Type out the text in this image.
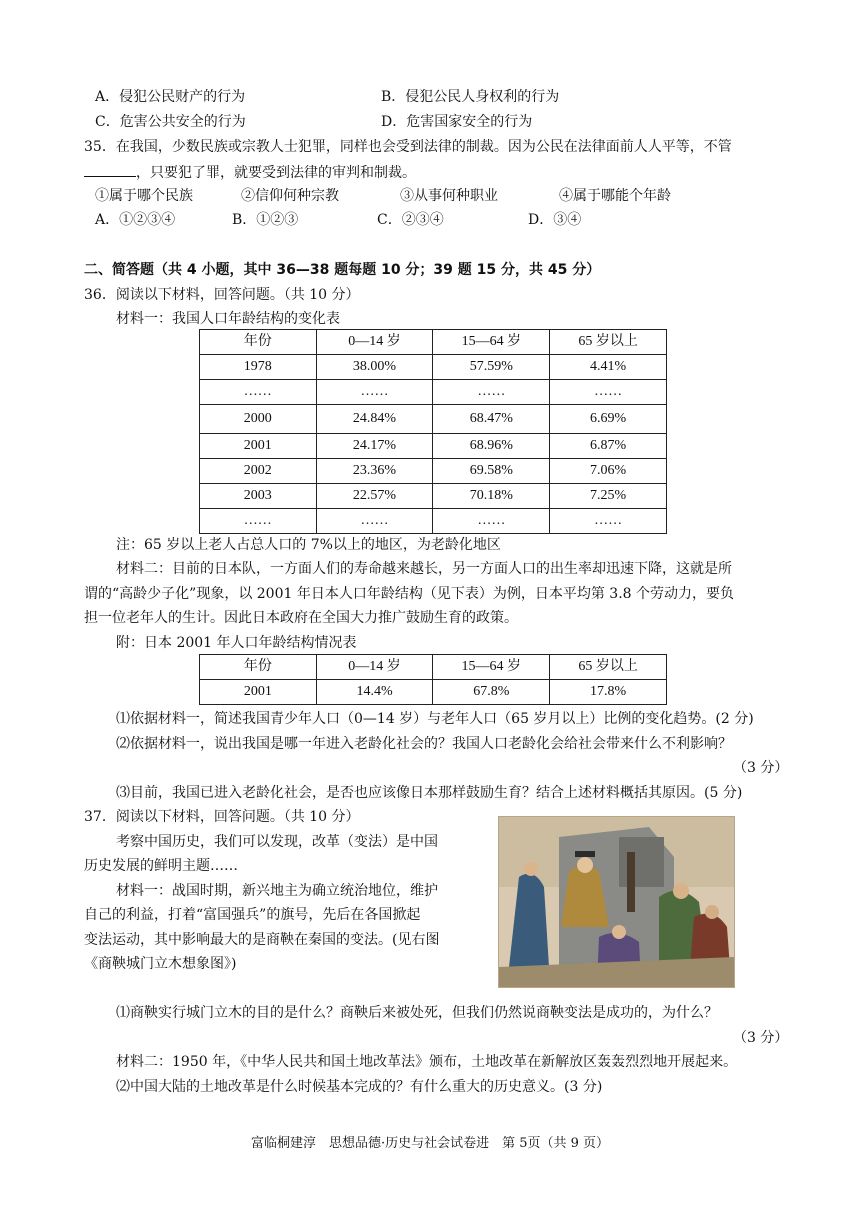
A．侵犯公民财产的行为	B．侵犯公民人身权利的行为
C．危害公共安全的行为	D．危害国家安全的行为
35．在我国，少数民族或宗教人士犯罪，同样也会受到法律的制裁。因为公民在法律面前人人平等，不管
，只要犯了罪，就要受到法律的审判和制裁。
①属于哪个民族	②信仰何种宗教	③从事何种职业	④属于哪能个年龄
A．①②③④	B．①②③	C．②③④	D．③④
二、简答题（共 4 小题，其中 36—38 题每题 10 分；39 题 15 分，共 45 分）
36．阅读以下材料，回答问题。（共 10 分）
材料一：我国人口年龄结构的变化表
年份	0—14 岁	15—64 岁	65 岁以上
1978	38.00%	57.59%	4.41%
……	……	……	……
2000	24.84%	68.47%	6.69%
2001	24.17%	68.96%	6.87%
2002	23.36%	69.58%	7.06%
2003	22.57%	70.18%	7.25%
……	……	……	……
注：65 岁以上老人占总人口的 7%以上的地区，为老龄化地区
材料二：目前的日本队，一方面人们的寿命越来越长，另一方面人口的出生率却迅速下降，这就是所
谓的“高龄少子化”现象，以 2001 年日本人口年龄结构（见下表）为例，日本平均第 3.8 个劳动力，要负
担一位老年人的生计。因此日本政府在全国大力推广鼓励生育的政策。
附：日本 2001 年人口年龄结构情况表
年份	0—14 岁	15—64 岁	65 岁以上
2001	14.4%	67.8%	17.8%
⑴依据材料一，简述我国青少年人口（0—14 岁）与老年人口（65 岁月以上）比例的变化趋势。(2 分)
⑵依据材料一，说出我国是哪一年进入老龄化社会的？我国人口老龄化会给社会带来什么不利影响？
（3 分）
⑶目前，我国已进入老龄化社会，是否也应该像日本那样鼓励生育？结合上述材料概括其原因。(5 分)
37．阅读以下材料，回答问题。（共 10 分）
考察中国历史，我们可以发现，改革（变法）是中国
历史发展的鲜明主题……
材料一：战国时期，新兴地主为确立统治地位，维护
自己的利益，打着“富国强兵”的旗号，先后在各国掀起
变法运动，其中影响最大的是商鞅在秦国的变法。(见右图
《商鞅城门立木想象图》)
⑴商鞅实行城门立木的目的是什么？商鞅后来被处死，但我们仍然说商鞅变法是成功的，为什么？
（3 分）
材料二：1950 年，《中华人民共和国土地改革法》颁布，土地改革在新解放区轰轰烈烈地开展起来。
⑵中国大陆的土地改革是什么时候基本完成的？有什么重大的历史意义。(3 分)
富临桐建淳　思想品德·历史与社会试卷进　第 5页（共 9 页）
